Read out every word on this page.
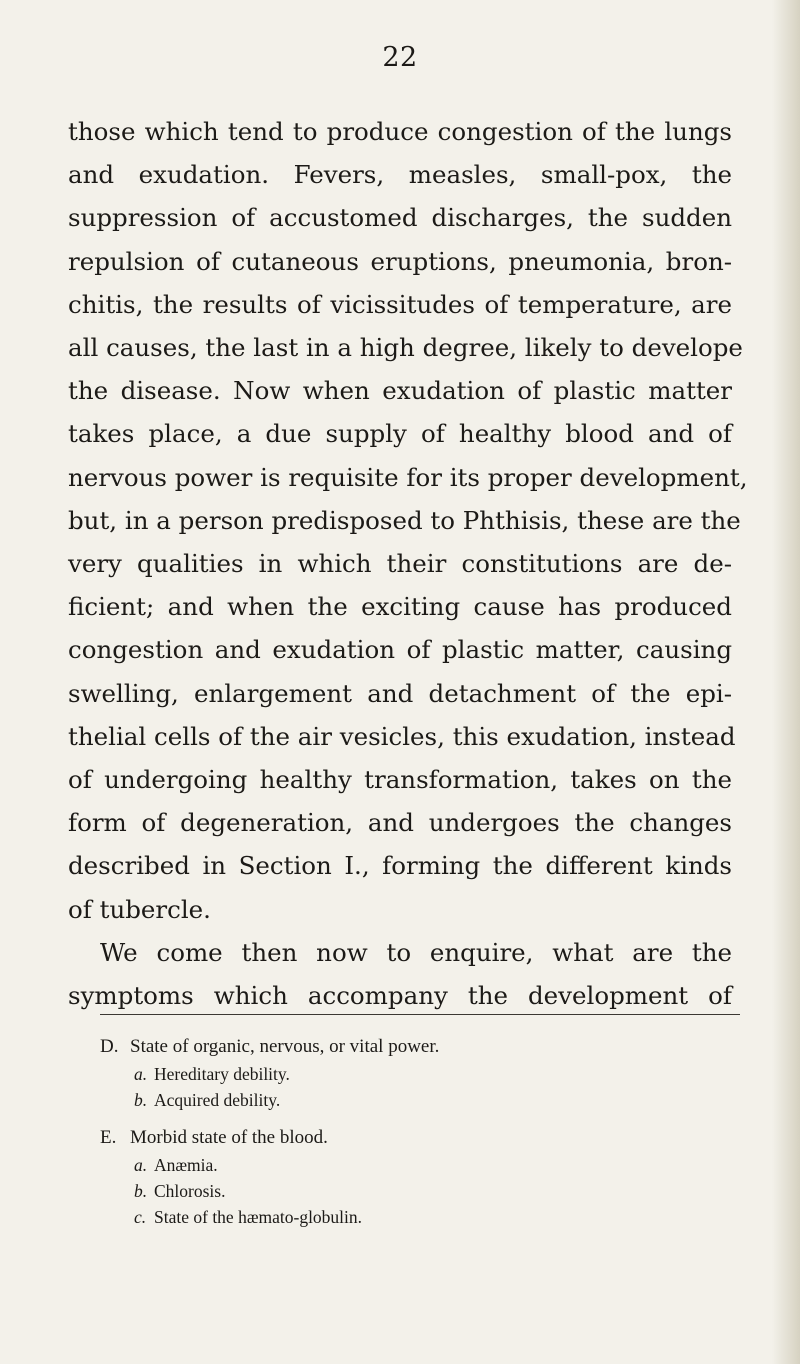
22
those which tend to produce congestion of the lungs
and exudation. Fevers, measles, small-pox, the
suppression of accustomed discharges, the sudden
repulsion of cutaneous eruptions, pneumonia, bron-
chitis, the results of vicissitudes of temperature, are
all causes, the last in a high degree, likely to develope
the disease. Now when exudation of plastic matter
takes place, a due supply of healthy blood and of
nervous power is requisite for its proper development,
but, in a person predisposed to Phthisis, these are the
very qualities in which their constitutions are de-
ficient; and when the exciting cause has produced
congestion and exudation of plastic matter, causing
swelling, enlargement and detachment of the epi-
thelial cells of the air vesicles, this exudation, instead
of undergoing healthy transformation, takes on the
form of degeneration, and undergoes the changes
described in Section I., forming the different kinds
of tubercle.
We come then now to enquire, what are the
symptoms which accompany the development of
D. State of organic, nervous, or vital power.
a. Hereditary debility.
b. Acquired debility.
E. Morbid state of the blood.
a. Anæmia.
b. Chlorosis.
c. State of the hæmato-globulin.
